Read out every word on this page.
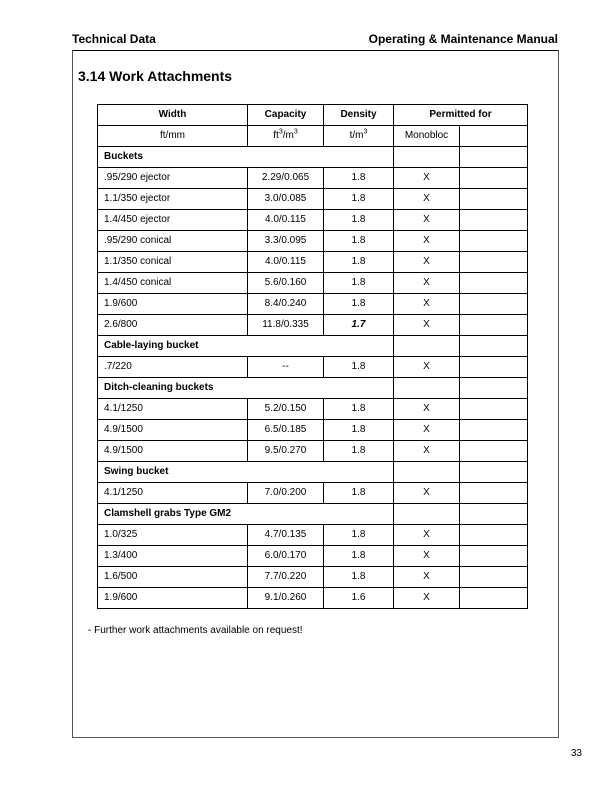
Technical Data	Operating & Maintenance Manual
3.14 Work Attachments
Width	Capacity	Density	Permitted for	
ft/mm	$ft^3/m^3$	$t/m^3$	Monobloc	
Buckets				
.95/290 ejector	2.29/0.065	1.8	X	
1.1/350 ejector	3.0/0.085	1.8	X	
1.4/450 ejector	4.0/0.115	1.8	X	
.95/290 conical	3.3/0.095	1.8	X	
1.1/350 conical	4.0/0.115	1.8	X	
1.4/450 conical	5.6/0.160	1.8	X	
1.9/600	8.4/0.240	1.8	X	
2.6/800	11.8/0.335	1.7	X	
Cable-laying bucket				
.7/220	--	1.8	X	
Ditch-cleaning buckets				
4.1/1250	5.2/0.150	1.8	X	
4.9/1500	6.5/0.185	1.8	X	
4.9/1500	9.5/0.270	1.8	X	
Swing bucket				
4.1/1250	7.0/0.200	1.8	X	
Clamshell grabs Type GM2				
1.0/325	4.7/0.135	1.8	X	
1.3/400	6.0/0.170	1.8	X	
1.6/500	7.7/0.220	1.8	X	
1.9/600	9.1/0.260	1.6	X	
- Further work attachments available on request!
33
